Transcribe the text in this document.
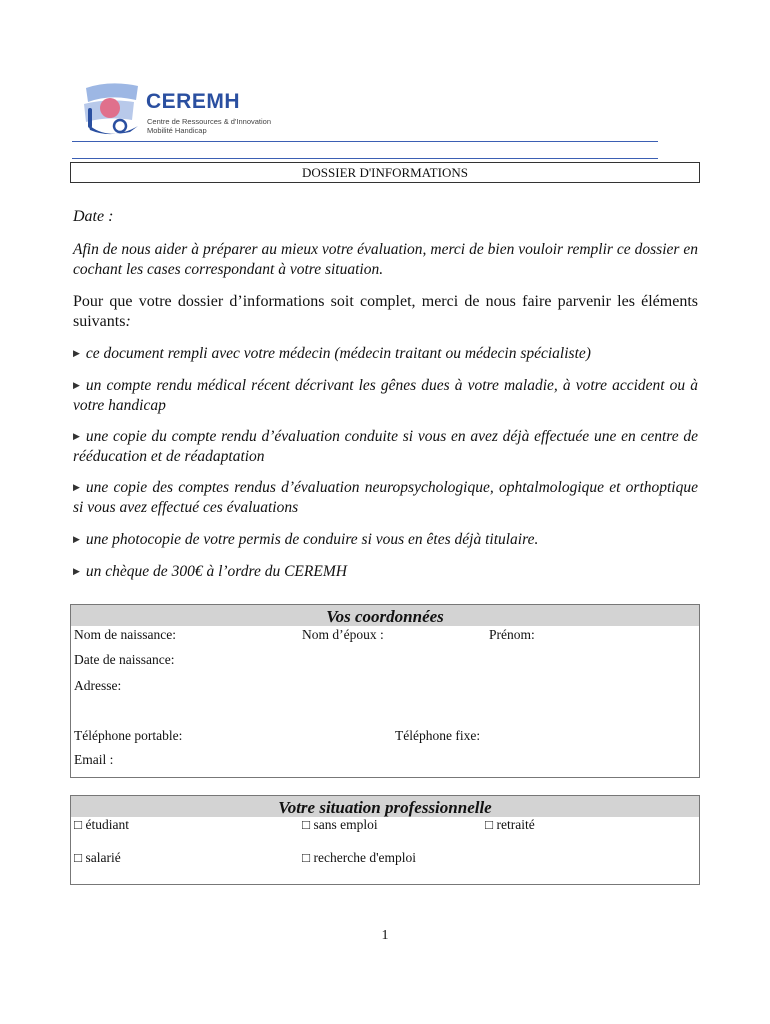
CEREMH
Centre de Ressources & d'Innovation
Mobilité Handicap
DOSSIER D'INFORMATIONS
Date :
Afin de nous aider à préparer au mieux votre évaluation, merci de bien vouloir remplir ce dossier en cochant les cases correspondant à votre situation.
Pour que votre dossier d’informations soit complet, merci de nous faire parvenir les éléments suivants:
▶ ce document rempli avec votre médecin (médecin traitant ou médecin spécialiste)
▶ un compte rendu médical récent décrivant les gênes dues à votre maladie, à votre accident ou à votre handicap
▶ une copie du compte rendu d’évaluation conduite si vous en avez déjà effectuée une en centre de rééducation et de réadaptation
▶ une copie des comptes rendus d’évaluation neuropsychologique, ophtalmologique et orthoptique si vous avez effectué ces évaluations
▶ une photocopie de votre permis de conduire si vous en êtes déjà titulaire.
▶ un chèque de 300€ à l’ordre du CEREMH
Vos coordonnées
Nom de naissance:	Nom d’époux :	Prénom:
Date de naissance:
Adresse:
Téléphone portable:	Téléphone fixe:
Email :
Votre situation professionnelle
□ étudiant	□ sans emploi	□ retraité
□ salarié	□ recherche d'emploi
1
